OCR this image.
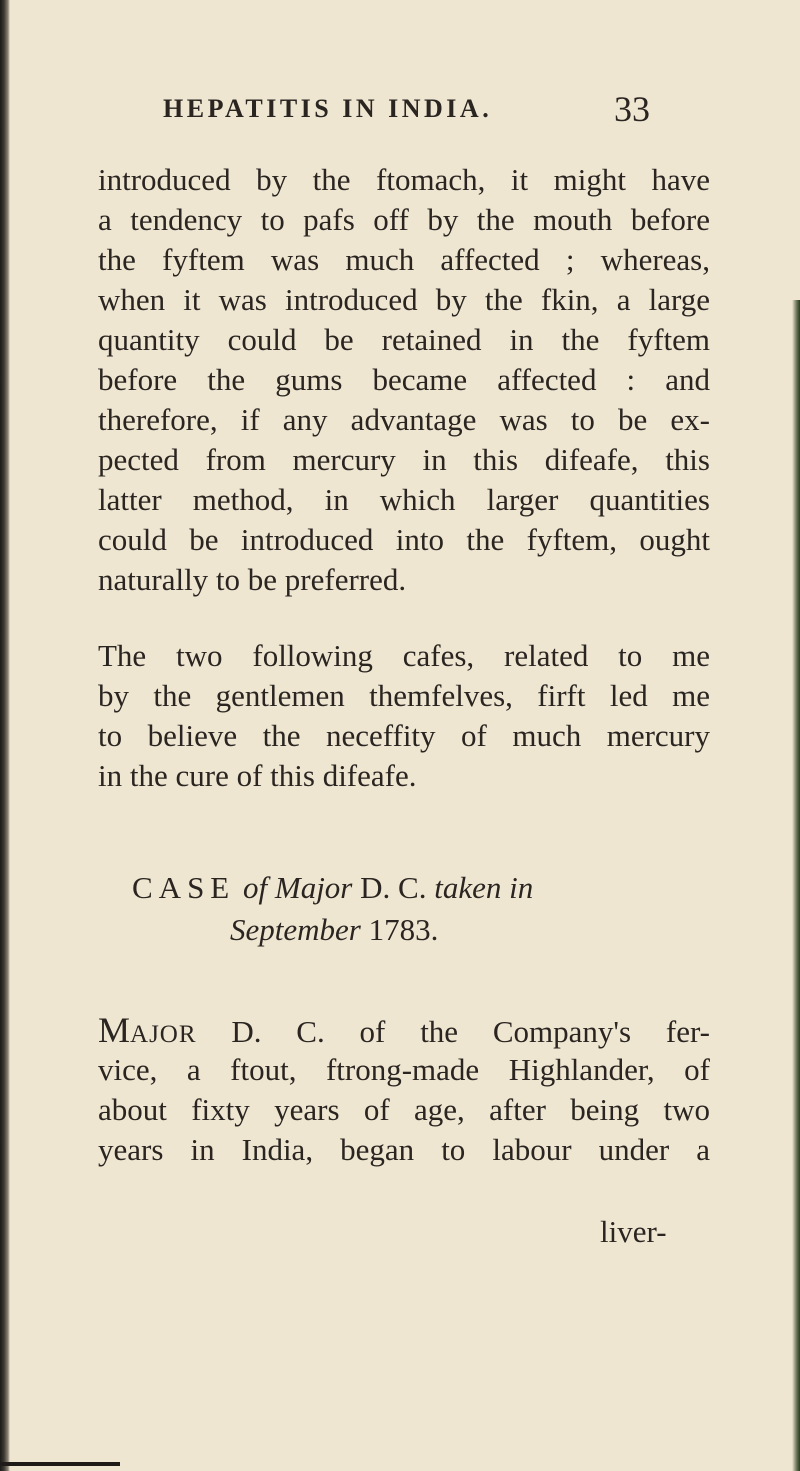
HEPATITIS IN INDIA.	33
introduced by the ftomach, it might have
a tendency to pafs off by the mouth before
the fyftem was much affected ; whereas,
when it was introduced by the fkin, a large
quantity could be retained in the fyftem
before the gums became affected : and
therefore, if any advantage was to be ex-
pected from mercury in this difeafe, this
latter method, in which larger quantities
could be introduced into the fyftem, ought
naturally to be preferred.
The two following cafes, related to me
by the gentlemen themfelves, firft led me
to believe the neceffity of much mercury
in the cure of this difeafe.
CASE of Major D. C. taken in
September 1783.
MAJOR D. C. of the Company's fer-
vice, a ftout, ftrong-made Highlander, of
about fixty years of age, after being two
years in India, began to labour under a
liver-
